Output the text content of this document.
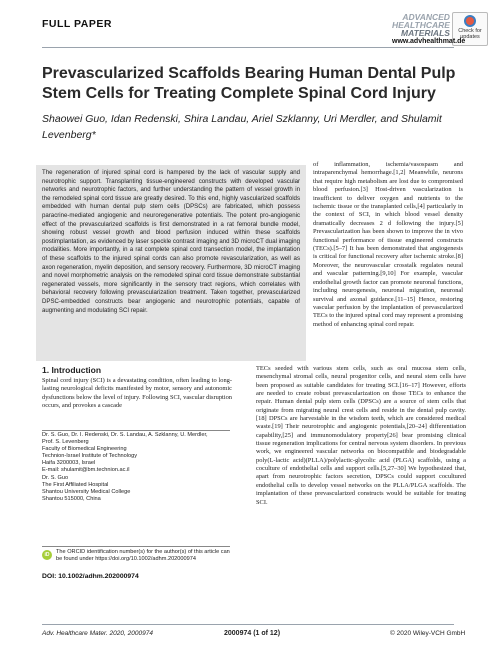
FULL PAPER
ADVANCED
HEALTHCARE
MATERIALS	Check for updates
www.advhealthmat.de
Prevascularized Scaffolds Bearing Human Dental Pulp Stem Cells for Treating Complete Spinal Cord Injury
Shaowei Guo, Idan Redenski, Shira Landau, Ariel Szklanny, Uri Merdler, and Shulamit Levenberg*
The regeneration of injured spinal cord is hampered by the lack of vascular supply and neurotrophic support. Transplanting tissue-engineered constructs with developed vascular networks and neurotrophic factors, and further understanding the pattern of vessel growth in the remodeled spinal cord tissue are greatly desired. To this end, highly vascularized scaffolds embedded with human dental pulp stem cells (DPSCs) are fabricated, which possess paracrine-mediated angiogenic and neuroregenerative potentials. The potent pro-angiogenic effect of the prevascularized scaffolds is first demonstrated in a rat femoral bundle model, showing robust vessel growth and blood perfusion induced within these scaffolds postimplantation, as evidenced by laser speckle contrast imaging and 3D microCT dual imaging modalities. More importantly, in a rat complete spinal cord transection model, the implantation of these scaffolds to the injured spinal cords can also promote revascularization, as well as axon regeneration, myelin deposition, and sensory recovery. Furthermore, 3D microCT imaging and novel morphometric analysis on the remodeled spinal cord tissue demonstrate substantial regenerated vessels, more significantly in the sensory tract regions, which correlates with behavioral recovery following prevascularization treatment. Taken together, prevascularized DPSC-embedded constructs bear angiogenic and neurotrophic potentials, capable of augmenting and modulating SCI repair.
of inflammation, ischemia/vasospasm and intraparenchymal hemorrhage.[1,2] Meanwhile, neurons that require high metabolism are lost due to compromised blood perfusion.[3] Host-driven vascularization is insufficient to deliver oxygen and nutrients to the ischemic tissue or the transplanted cells,[4] particularly in the context of SCI, in which blood vessel density dramatically decreases 2 d following the injury.[5] Prevascularization has been shown to improve the in vivo functional performance of tissue engineered constructs (TECs).[5–7] It has been demonstrated that angiogenesis is critical for functional recovery after ischemic stroke.[8] Moreover, the neurovascular crosstalk regulates neural and vascular patterning.[9,10] For example, vascular endothelial growth factor can promote neuronal functions, including neurogenesis, neuronal migration, neuronal survival and axonal guidance.[11–15] Hence, restoring vascular perfusion by the implantation of prevascularized TECs to the injured spinal cord may represent a promising method of enhancing spinal cord repair.
1. Introduction
Spinal cord injury (SCI) is a devastating condition, often leading to long-lasting neurological deficits manifested by motor, sensory and autonomic dysfunctions below the level of injury. Following SCI, vascular disruption occurs, and provokes a cascade
TECs seeded with various stem cells, such as oral mucosa stem cells, mesenchymal stromal cells, neural progenitor cells, and neural stem cells have been proposed as suitable candidates for treating SCI.[16–17] However, efforts are needed to create robust prevascularization on those TECs to enhance the repair. Human dental pulp stem cells (DPSCs) are a source of stem cells that originate from migrating neural crest cells and reside in the dental pulp cavity.[18] DPSCs are harvestable in the wisdom teeth, which are considered medical waste.[19] Their neurotrophic and angiogenic potentials,[20–24] differentiation capability,[25] and immunomodulatory property[26] bear promising clinical tissue regeneration implications for central nervous system disorders. In previous work, we engineered vascular networks on biocompatible and biodegradable poly(L-lactic acid)(PLLA)/polylactic-glycolic acid (PLGA) scaffolds, using a coculture of endothelial cells and support cells.[5,27–30] We hypothesized that, apart from neurotrophic factors secretion, DPSCs could support cocultured endothelial cells to develop vessel networks on the PLLA/PLGA scaffolds. The implantation of these prevascularized constructs would be suitable for treating SCI.
Dr. S. Guo, Dr. I. Redenski, Dr. S. Landau, A. Szklanny, U. Merdler,
Prof. S. Levenberg
Faculty of Biomedical Engineering
Technion-Israel Institute of Technology
Haifa 3200003, Israel
E-mail: shulamit@bm.technion.ac.il
Dr. S. Guo
The First Affiliated Hospital
Shantou University Medical College
Shantou 515000, China
iD	The ORCID identification number(s) for the author(s) of this article can be found under https://doi.org/10.1002/adhm.202000974
DOI: 10.1002/adhm.202000974
Adv. Healthcare Mater. 2020, 2000974	2000974 (1 of 12)	© 2020 Wiley-VCH GmbH
